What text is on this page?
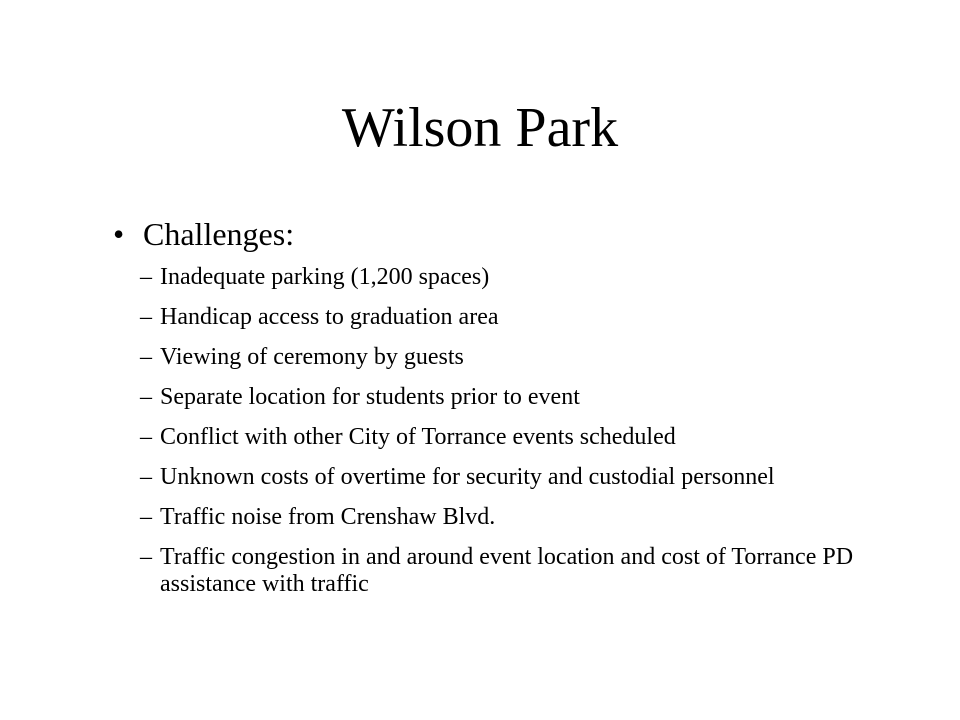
Wilson Park
• Challenges:
– Inadequate parking (1,200 spaces)
– Handicap access to graduation area
– Viewing of ceremony by guests
– Separate location for students prior to event
– Conflict with other City of Torrance events scheduled
– Unknown costs of overtime for security and custodial personnel
– Traffic noise from Crenshaw Blvd.
– Traffic congestion in and around event location and cost of Torrance PD assistance with traffic
